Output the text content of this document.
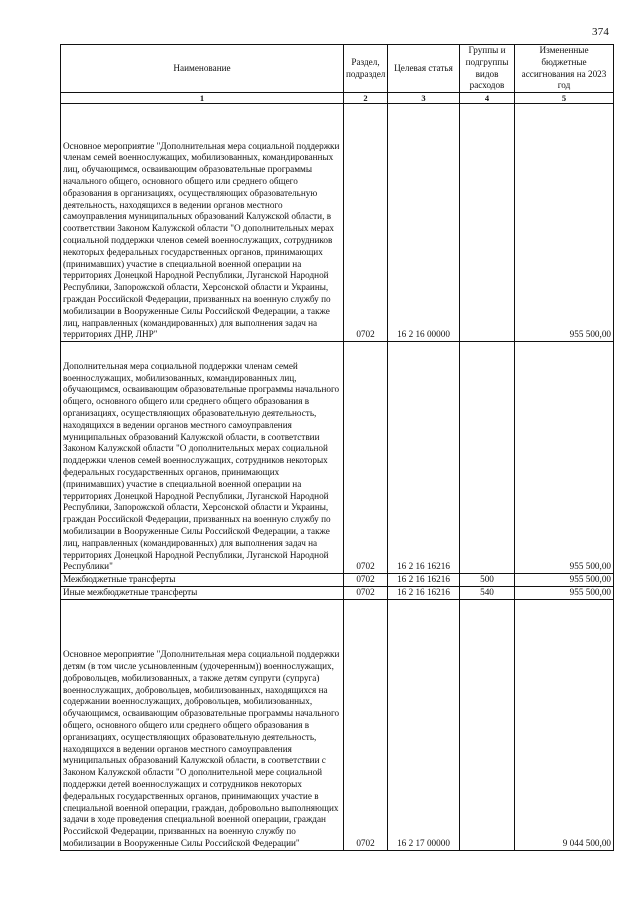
374
Наименование	Раздел, подраздел	Целевая статья	Группы и подгруппы видов расходов	Измененные бюджетные ассигнования на 2023 год
1	2	3	4	5
Основное мероприятие "Дополнительная мера социальной поддержки членам семей военнослужащих, мобилизованных, командированных лиц, обучающимся, осваивающим образовательные программы начального общего, основного общего или среднего общего образования в организациях, осуществляющих образовательную деятельность, находящихся в ведении органов местного самоуправления муниципальных образований Калужской области, в соответствии Законом Калужской области "О дополнительных мерах социальной поддержки членов семей военнослужащих, сотрудников некоторых федеральных государственных органов, принимающих (принимавших) участие в специальной военной операции на территориях Донецкой Народной Республики, Луганской Народной Республики, Запорожской области, Херсонской области и Украины, граждан Российской Федерации, призванных на военную службу по мобилизации в Вооруженные Силы Российской Федерации, а также лиц, направленных (командированных) для выполнения задач на территориях ДНР, ЛНР"	0702	16 2 16 00000		955 500,00
Дополнительная мера социальной поддержки членам семей военнослужащих, мобилизованных, командированных лиц, обучающимся, осваивающим образовательные программы начального общего, основного общего или среднего общего образования в организациях, осуществляющих образовательную деятельность, находящихся в ведении органов местного самоуправления муниципальных образований Калужской области, в соответствии Законом Калужской области "О дополнительных мерах социальной поддержки членов семей военнослужащих, сотрудников некоторых федеральных государственных органов, принимающих (принимавших) участие в специальной военной операции на территориях Донецкой Народной Республики, Луганской Народной Республики, Запорожской области, Херсонской области и Украины, граждан Российской Федерации, призванных на военную службу по мобилизации в Вооруженные Силы Российской Федерации, а также лиц, направленных (командированных) для выполнения задач на территориях Донецкой Народной Республики, Луганской Народной Республики"	0702	16 2 16 16216		955 500,00
Межбюджетные трансферты	0702	16 2 16 16216	500	955 500,00
Иные межбюджетные трансферты	0702	16 2 16 16216	540	955 500,00
Основное мероприятие "Дополнительная мера социальной поддержки детям (в том числе усыновленным (удочеренным)) военнослужащих, добровольцев, мобилизованных, а также детям супруги (супруга) военнослужащих, добровольцев, мобилизованных, находящихся на содержании военнослужащих, добровольцев, мобилизованных, обучающимся, осваивающим образовательные программы начального общего, основного общего или среднего общего образования в организациях, осуществляющих образовательную деятельность, находящихся в ведении органов местного самоуправления муниципальных образований Калужской области, в соответствии с Законом Калужской области "О дополнительной мере социальной поддержки детей военнослужащих и сотрудников некоторых федеральных государственных органов, принимающих участие в специальной военной операции, граждан, добровольно выполняющих задачи в ходе проведения специальной военной операции, граждан Российской Федерации, призванных на военную службу по мобилизации в Вооруженные Силы Российской Федерации"	0702	16 2 17 00000		9 044 500,00
